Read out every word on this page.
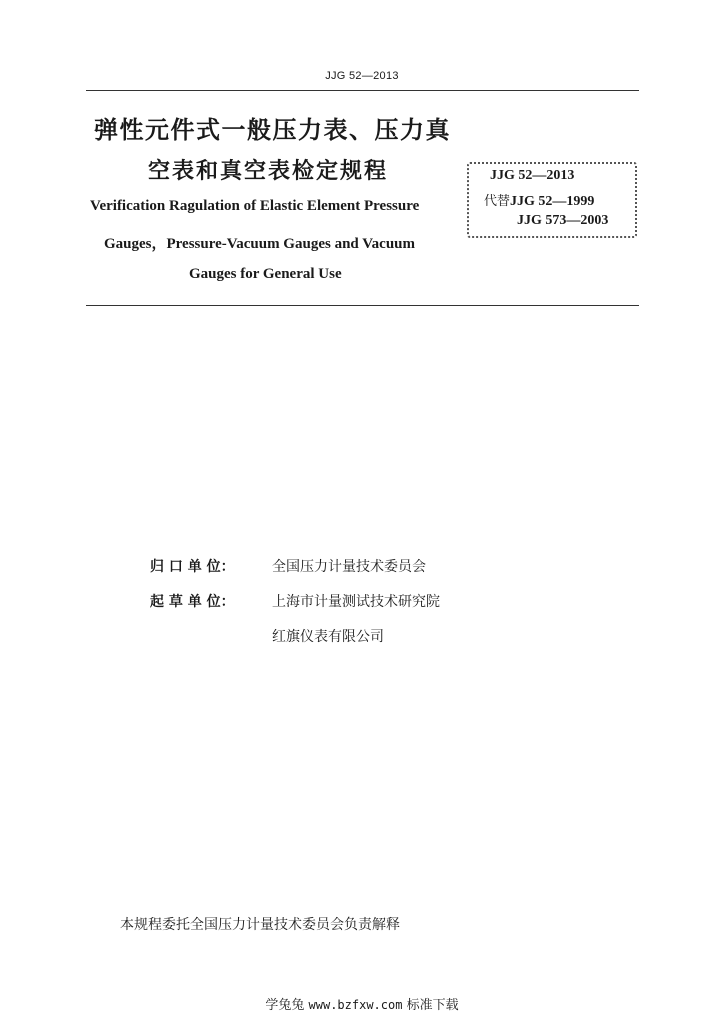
JJG 52—2013
弹性元件式一般压力表、压力真
空表和真空表检定规程
Verification Ragulation of Elastic Element Pressure
Gauges，Pressure-Vacuum Gauges and Vacuum
Gauges for General Use
JJG 52—2013
代替JJG 52—1999
JJG 573—2003
归 口 单 位：	全国压力计量技术委员会
起 草 单 位：	上海市计量测试技术研究院
红旗仪表有限公司
本规程委托全国压力计量技术委员会负责解释
学兔兔 www.bzfxw.com 标准下载
